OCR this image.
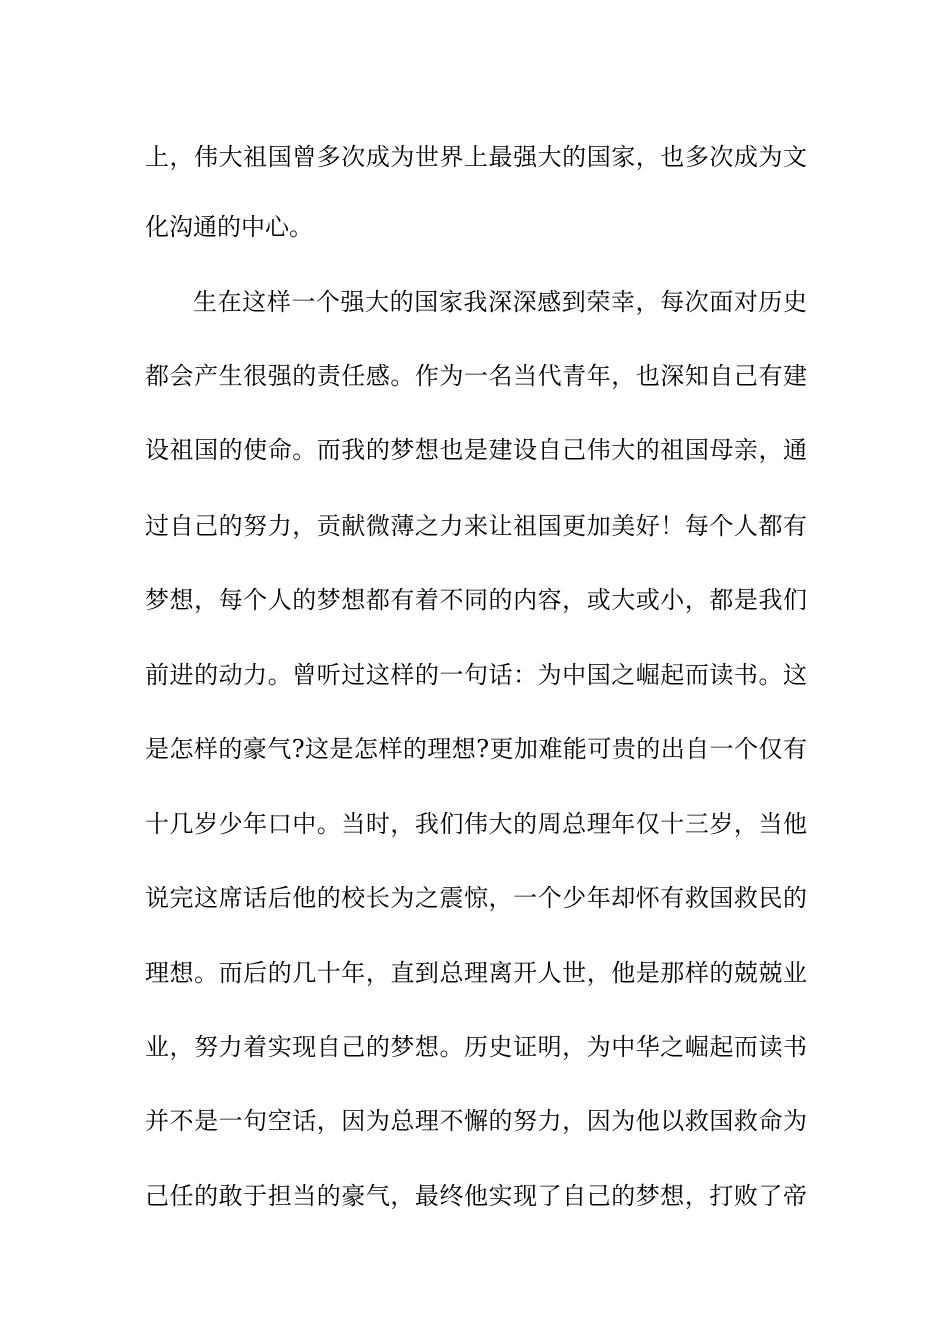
上，伟大祖国曾多次成为世界上最强大的国家，也多次成为文
化沟通的中心。
生在这样一个强大的国家我深深感到荣幸，每次面对历史
都会产生很强的责任感。作为一名当代青年，也深知自己有建
设祖国的使命。而我的梦想也是建设自己伟大的祖国母亲，通
过自己的努力，贡献微薄之力来让祖国更加美好！每个人都有
梦想，每个人的梦想都有着不同的内容，或大或小，都是我们
前进的动力。曾听过这样的一句话：为中国之崛起而读书。这
是怎样的豪气?这是怎样的理想?更加难能可贵的出自一个仅有
十几岁少年口中。当时，我们伟大的周总理年仅十三岁，当他
说完这席话后他的校长为之震惊，一个少年却怀有救国救民的
理想。而后的几十年，直到总理离开人世，他是那样的兢兢业
业，努力着实现自己的梦想。历史证明，为中华之崛起而读书
并不是一句空话，因为总理不懈的努力，因为他以救国救命为
己任的敢于担当的豪气，最终他实现了自己的梦想，打败了帝
